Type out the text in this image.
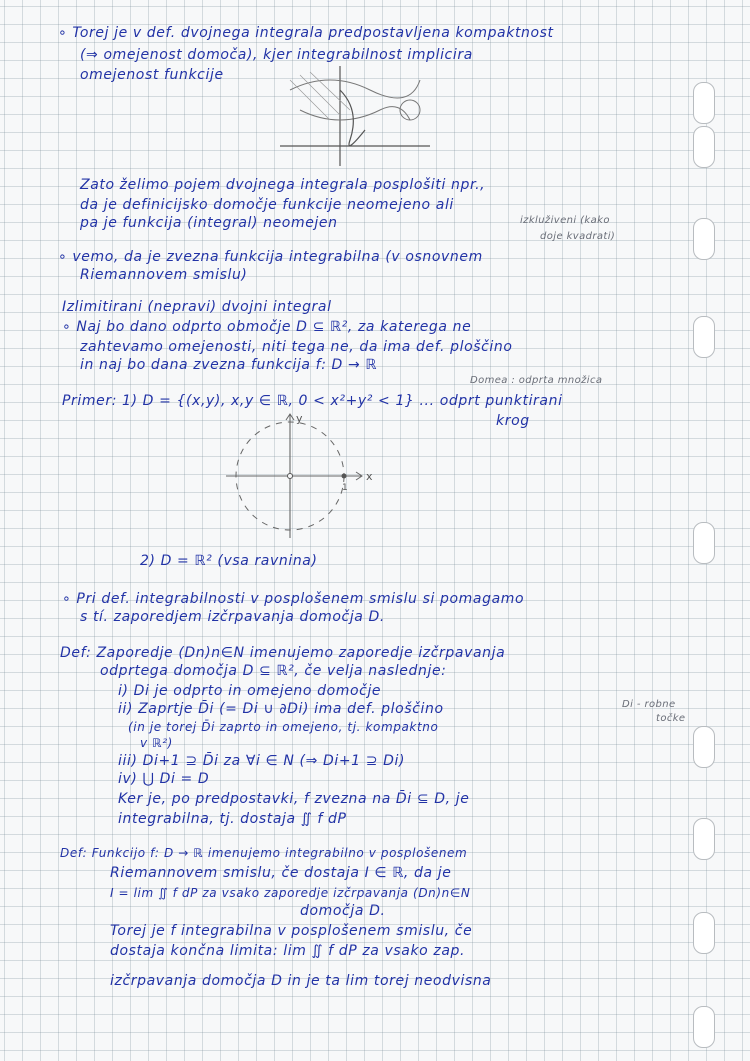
∘ Torej je v def. dvojnega integrala predpostavljena kompaktnost
(⇒ omejenost domoča), kjer integrabilnost implicira
omejenost funkcije
Zato želimo pojem dvojnega integrala posplošiti npr.,
da je definicijsko domočje funkcije neomejeno ali
pa je funkcija (integral) neomejen	izkluživeni (kako
doje kvadrati)
∘ vemo, da je zvezna funkcija integrabilna (v osnovnem
Riemannovem smislu)
Izlimitirani (nepravi) dvojni integral
∘ Naj bo dano odprto območje D ⊆ ℝ², za katerega ne
zahtevamo omejenosti, niti tega ne, da ima def. ploščino
in naj bo dana zvezna funkcija f: D → ℝ
Domeа : odprta množica
Primer: 1) D = {(x,y), x,y ∈ ℝ, 0 < x²+y² < 1} ... odprt punktirani
krog
y
x
1
2) D = ℝ² (vsa ravnina)
∘ Pri def. integrabilnosti v posplošenem smislu si pomagamo
s tí. zaporedjem izčrpavanja domočja D.
Def: Zaporedje (Dn)n∈N imenujemo zaporedje izčrpavanja
odprtega domočja D ⊆ ℝ², če velja naslednje:
i) Di je odprto in omejeno domočje
ii) Zaprtje D̄i (= Di ∪ ∂Di) ima def. ploščino
(in je torej D̄i zaprto in omejeno, tj. kompaktno
v ℝ²)
Di - robne
točke
iii) Di+1 ⊇ D̄i za ∀i ∈ N (⇒ Di+1 ⊇ Di)
iv) ⋃ Di = D
Ker je, po predpostavki, f zvezna na D̄i ⊆ D, je
integrabilna, tj. dostaja ∬ f dP
Def: Funkcijo f: D → ℝ imenujemo integrabilno v posplošenem
Riemannovem smislu, če dostaja I ∈ ℝ, da je
I = lim ∬ f dP za vsako zaporedje izčrpavanja (Dn)n∈N
domočja D.
Torej je f integrabilna v posplošenem smislu, če
dostaja končna limita: lim ∬ f dP za vsako zap.
izčrpavanja domočja D in je ta lim torej neodvisna
